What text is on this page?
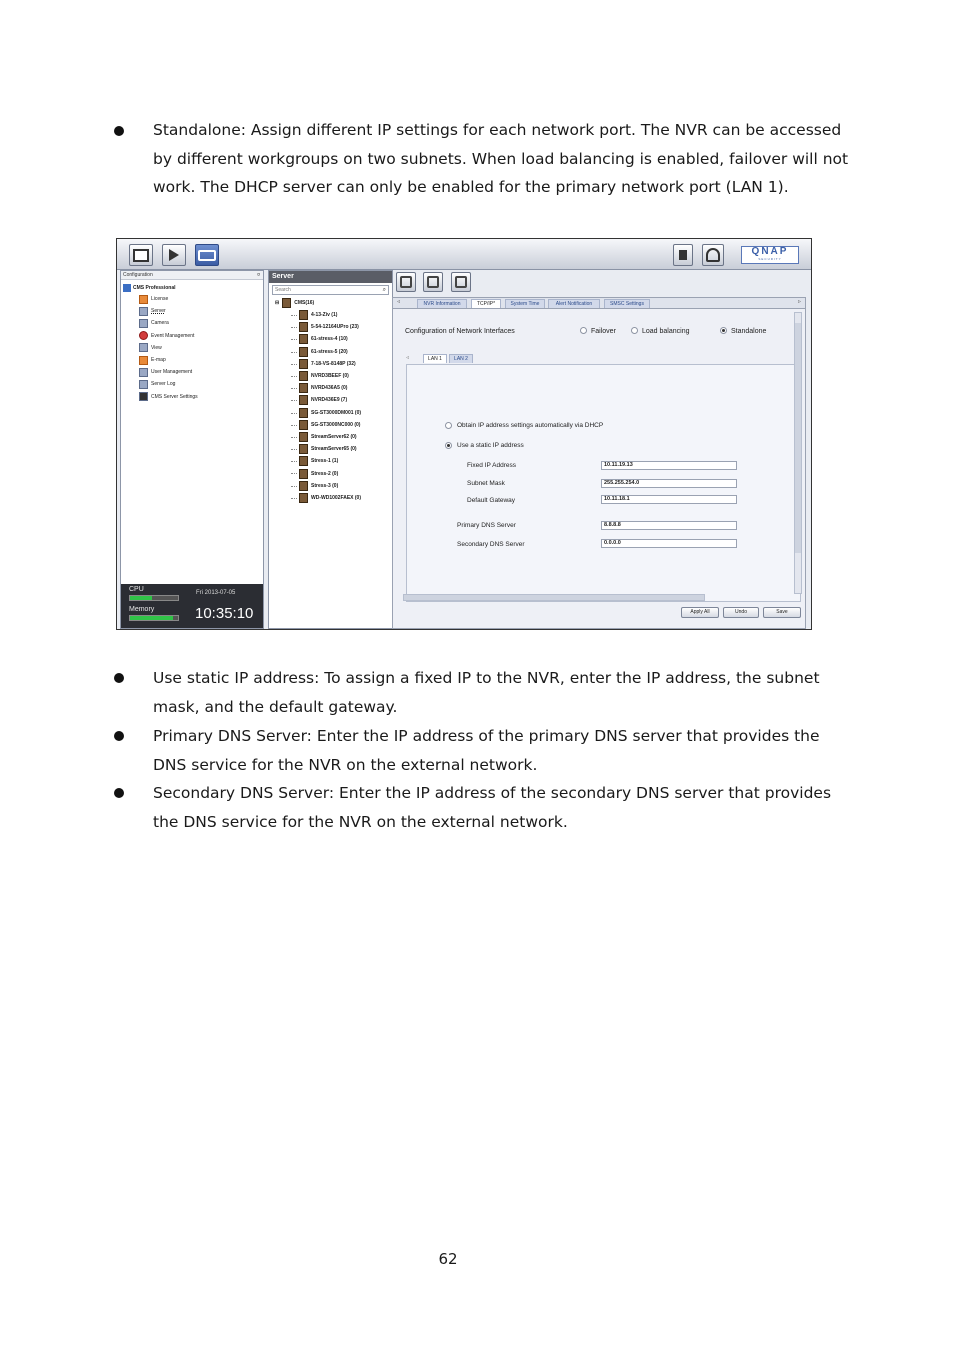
Standalone: Assign different IP settings for each network port. The NVR can be accessed by different workgroups on two subnets. When load balancing is enabled, failover will not work. The DHCP server can only be enabled for the primary network port (LAN 1).
QNAP
SECURITY
Configuration	¤
CMS Professional
License
Server
Camera
Event Management
View
E-map
User Management
Server Log
CMS Server Settings
CPU
Memory
Fri 2013-07-05
10:35:10
Server
Search	⌕
⊟	CMS(16)
4-13-Ziv (1)
5-54-12164UPro (23)
61-stress-4 (10)
61-stress-5 (20)
7-18-VS-8148P (32)
NVRD3BEEF (0)
NVRD436A5 (0)
NVRD436E9 (7)
SG-ST3000DM001 (0)
SG-ST3000NC000 (0)
StreamServer62 (0)
StreamServer65 (0)
Stress-1 (1)
Stress-2 (0)
Stress-3 (0)
WD-WD1002FAEX (0)
◃	NVR Information	TCP/IP*	System Time	Alert Notification	SMSC Settings	▹
Configuration of Network Interfaces	Failover	Load balancing	Standalone
◃	LAN 1	LAN 2
Obtain IP address settings automatically via DHCP
Use a static IP address
Fixed IP Address	10.11.19.13
Subnet Mask	255.255.254.0
Default Gateway	10.11.18.1
Primary DNS Server	8.8.8.8
Secondary DNS Server	0.0.0.0
Apply All	Undo	Save
Use static IP address: To assign a fixed IP to the NVR, enter the IP address, the subnet mask, and the default gateway.
Primary DNS Server: Enter the IP address of the primary DNS server that provides the DNS service for the NVR on the external network.
Secondary DNS Server: Enter the IP address of the secondary DNS server that provides the DNS service for the NVR on the external network.
62
